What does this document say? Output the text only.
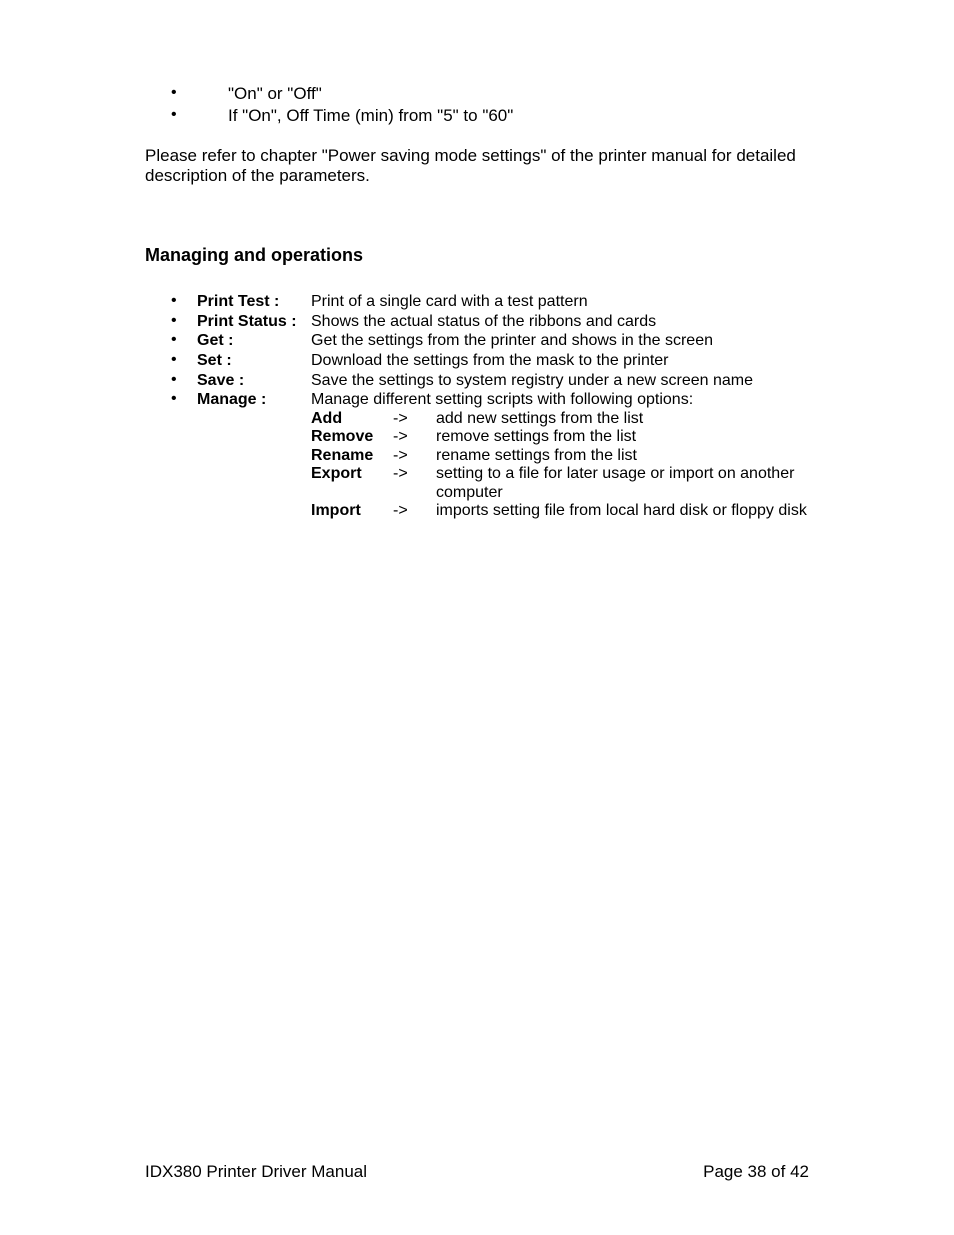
•	"On" or "Off"
•	If "On", Off Time (min) from "5" to "60"
Please refer to chapter "Power saving mode settings" of the printer manual for detailed description of the parameters.
Managing and operations
• Print Test : Print of a single card with a test pattern
• Print Status : Shows the actual status of the ribbons and cards
• Get :	Get the settings from the printer and shows in the screen
• Set :	Download the settings from the mask to the printer
• Save :	Save the settings to system registry under a new screen name
• Manage :	Manage different setting scripts with following options:
Add	-> add new settings from the list
Remove -> remove settings from the list
Rename -> rename settings from the list
Export -> setting to a file for later usage or import on another computer
Import -> imports setting file from local hard disk or floppy disk
IDX380 Printer Driver Manual	Page 38 of 42
